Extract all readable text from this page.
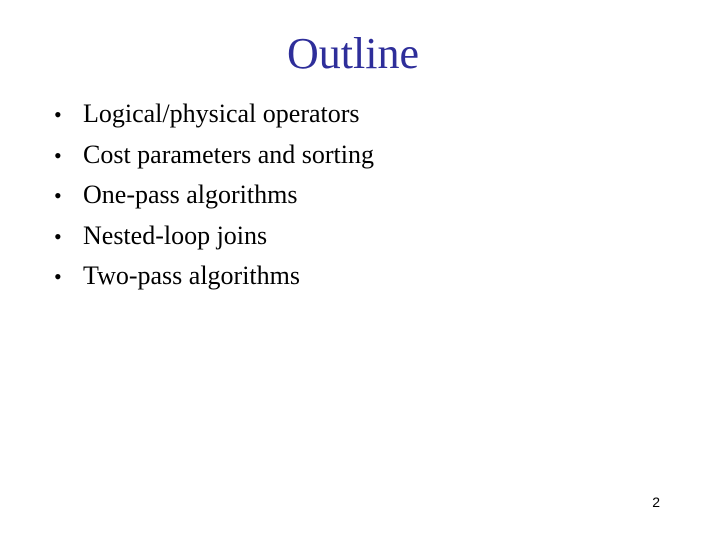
Outline
• Logical/physical operators
• Cost parameters and sorting
• One-pass algorithms
• Nested-loop joins
• Two-pass algorithms
2
